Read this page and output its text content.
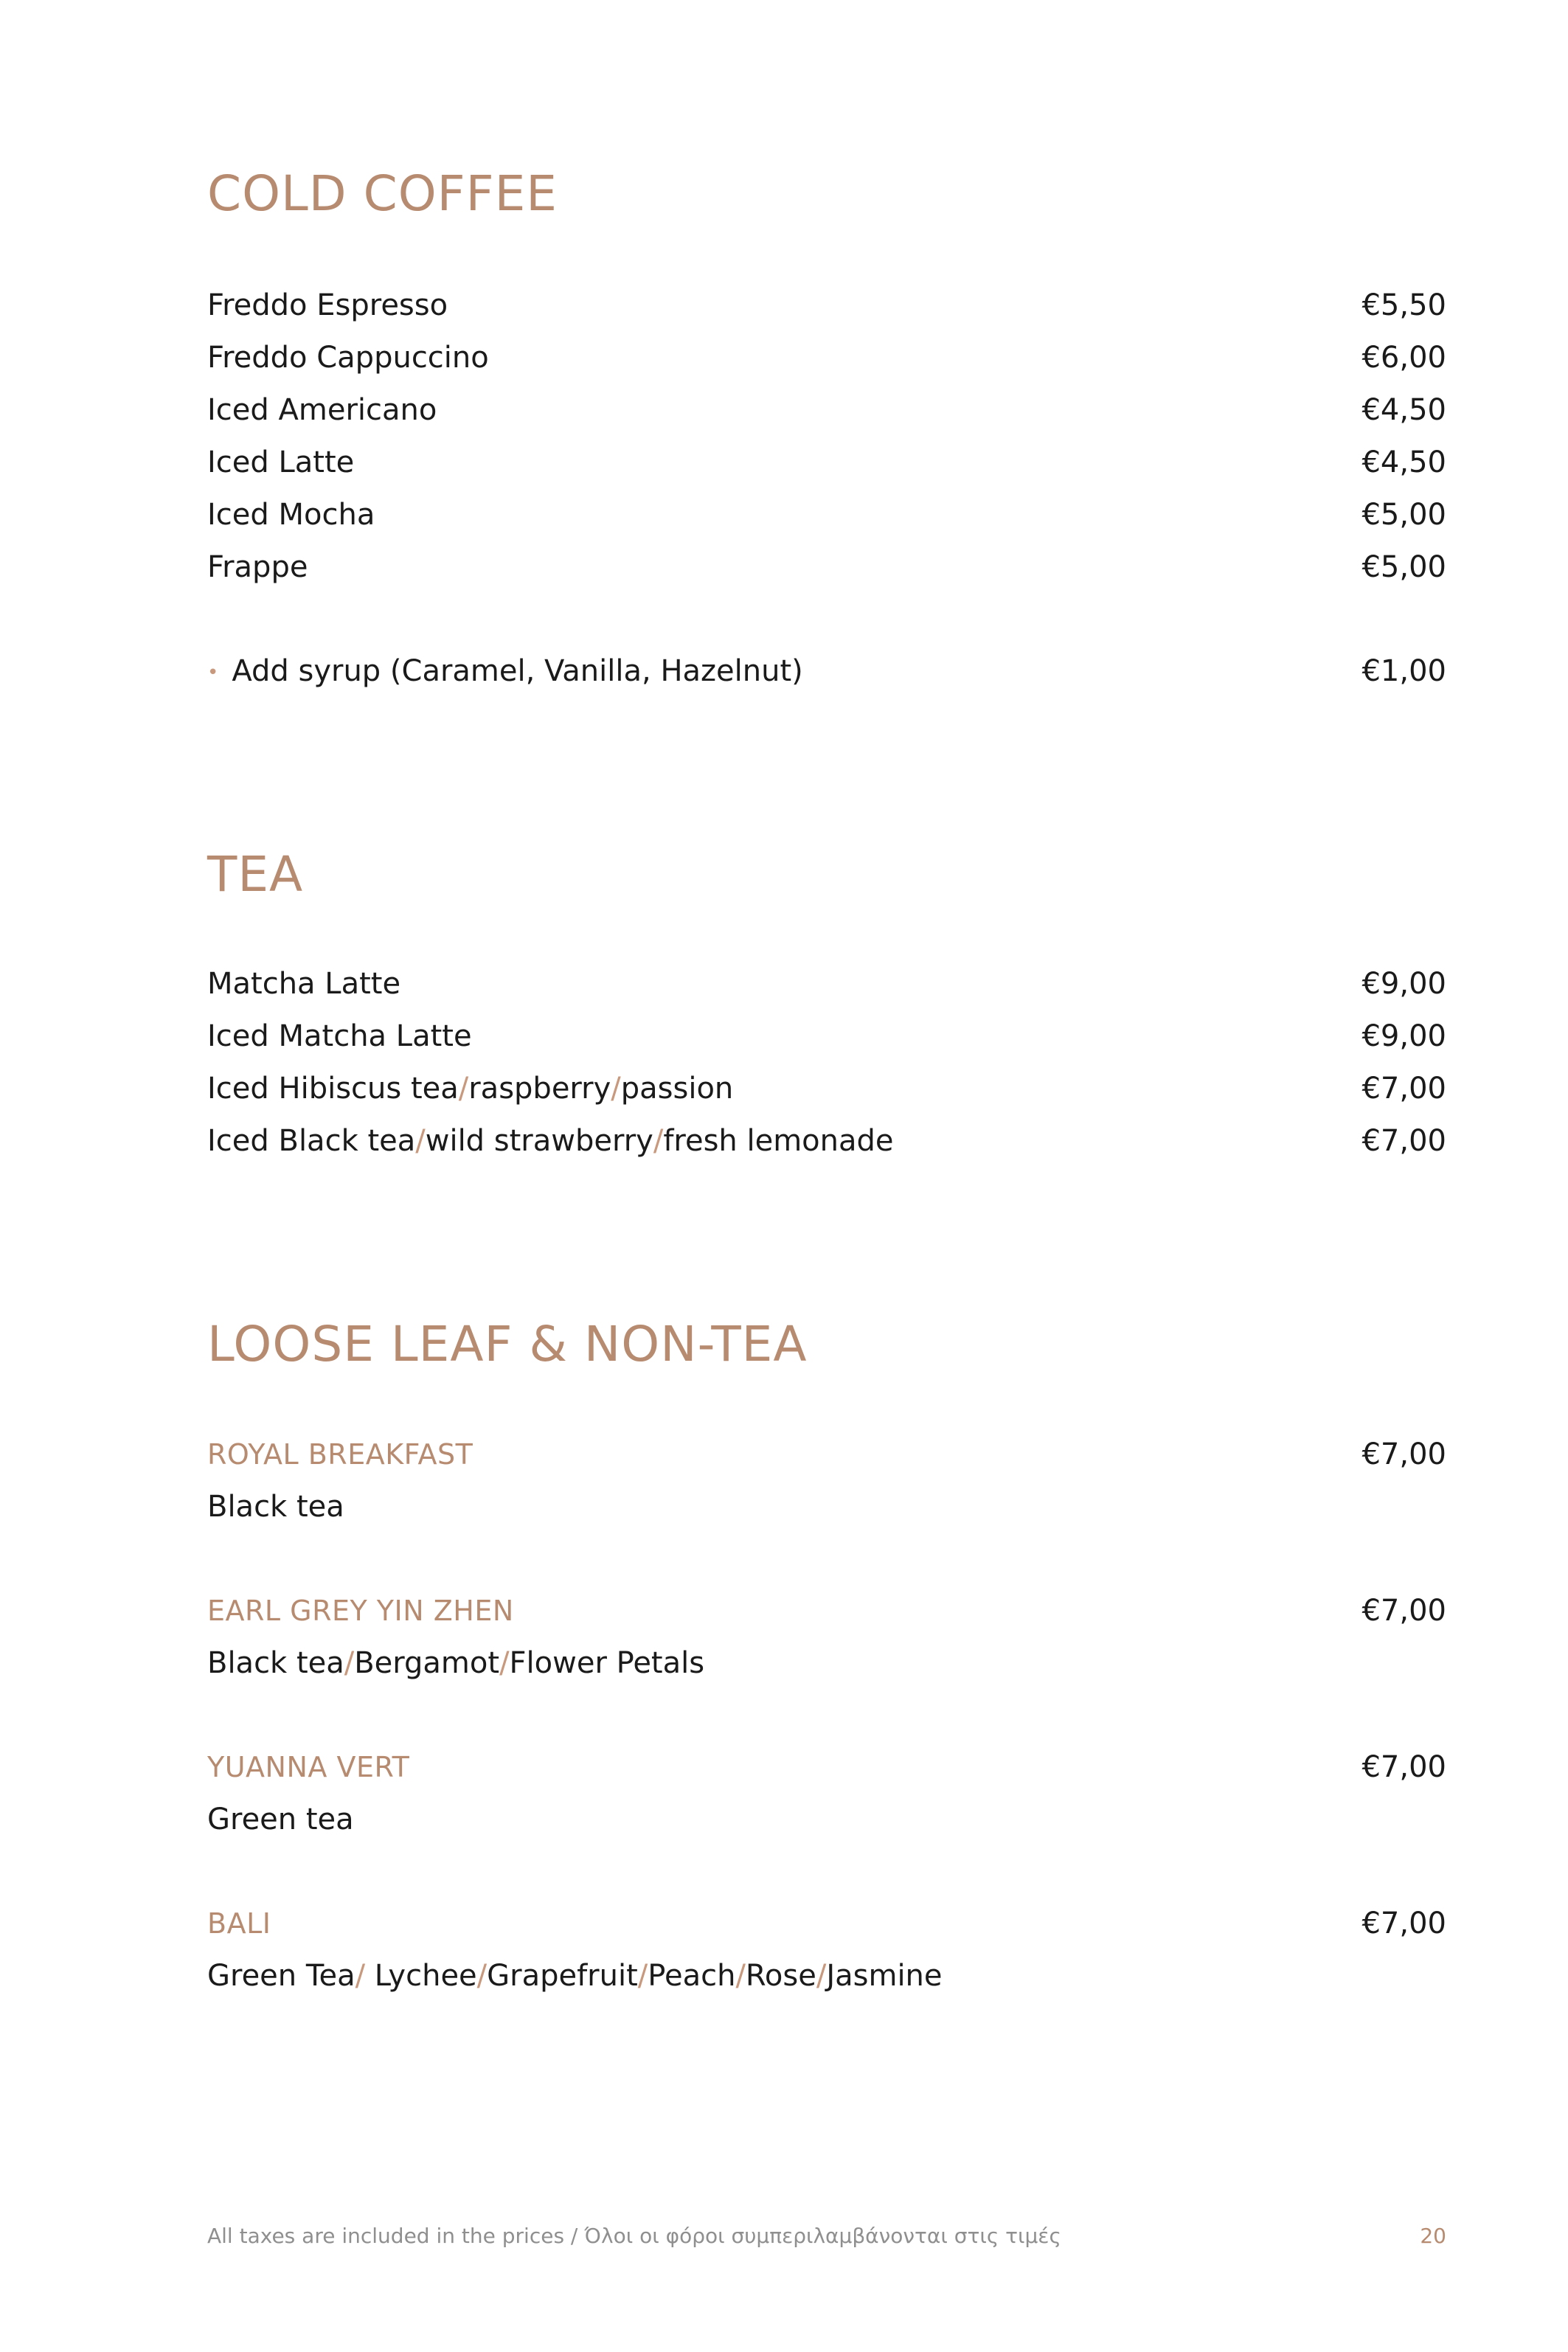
COLD COFFEE
Freddo Espresso	€5,50
Freddo Cappuccino	€6,00
Iced Americano	€4,50
Iced Latte	€4,50
Iced Mocha	€5,00
Frappe	€5,00
• Add syrup (Caramel, Vanilla, Hazelnut)	€1,00
TEA
Matcha Latte	€9,00
Iced Matcha Latte	€9,00
Iced Hibiscus tea/raspberry/passion	€7,00
Iced Black tea/wild strawberry/fresh lemonade	€7,00
LOOSE LEAF & NON-TEA
ROYAL BREAKFAST	€7,00
Black tea
EARL GREY YIN ZHEN	€7,00
Black tea/Bergamot/Flower Petals
YUANNA VERT	€7,00
Green tea
BALI	€7,00
Green Tea/ Lychee/Grapefruit/Peach/Rose/Jasmine
All taxes are included in the prices / Όλοι οι φόροι συμπεριλαμβάνονται στις τιμές	20
